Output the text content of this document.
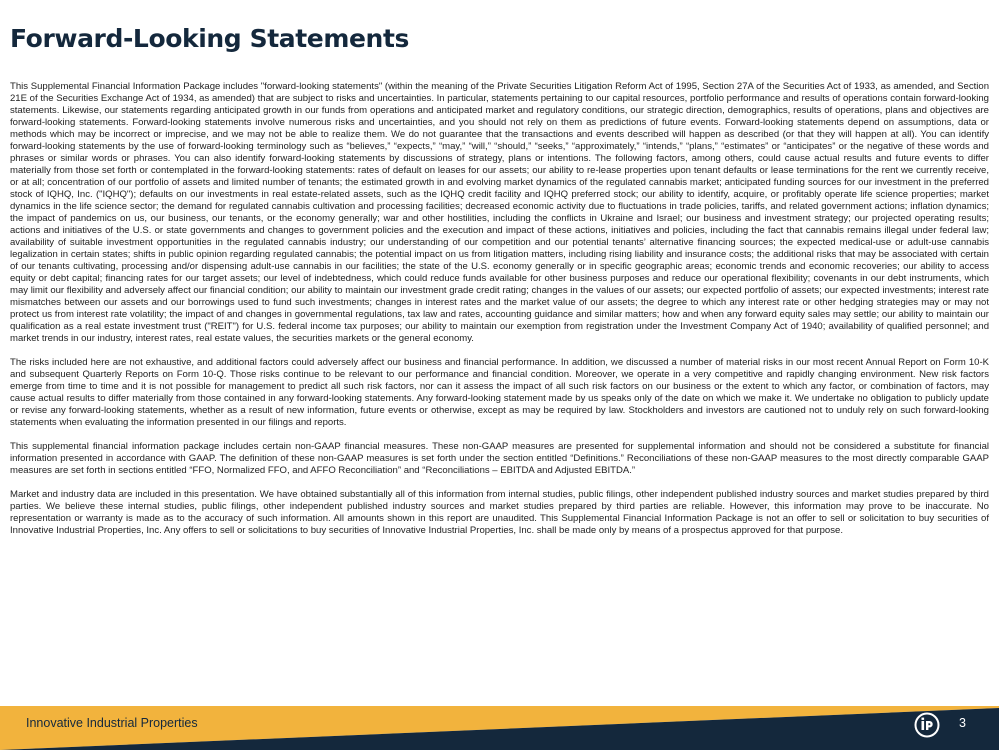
Forward-Looking Statements

This Supplemental Financial Information Package includes "forward-looking statements" (within the meaning of the Private Securities Litigation Reform Act of 1995, Section 27A of the Securities Act of 1933, as amended, and Section 21E of the Securities Exchange Act of 1934, as amended) that are subject to risks and uncertainties. In particular, statements pertaining to our capital resources, portfolio performance and results of operations contain forward-looking statements. Likewise, our statements regarding anticipated growth in our funds from operations and anticipated market and regulatory conditions, our strategic direction, demographics, results of operations, plans and objectives are forward-looking statements. Forward-looking statements involve numerous risks and uncertainties, and you should not rely on them as predictions of future events. Forward-looking statements depend on assumptions, data or methods which may be incorrect or imprecise, and we may not be able to realize them. We do not guarantee that the transactions and events described will happen as described (or that they will happen at all). You can identify forward-looking statements by the use of forward-looking terminology such as “believes,” “expects,” “may,” “will,” “should,” “seeks,” “approximately,” “intends,” “plans,” “estimates” or “anticipates” or the negative of these words and phrases or similar words or phrases. You can also identify forward-looking statements by discussions of strategy, plans or intentions. The following factors, among others, could cause actual results and future events to differ materially from those set forth or contemplated in the forward-looking statements: rates of default on leases for our assets; our ability to re-lease properties upon tenant defaults or lease terminations for the rent we currently receive, or at all; concentration of our portfolio of assets and limited number of tenants; the estimated growth in and evolving market dynamics of the regulated cannabis market; anticipated funding sources for our investment in the preferred stock of IQHQ, Inc. ("IQHQ"); defaults on our investments in real estate-related assets, such as the IQHQ credit facility and IQHQ preferred stock; our ability to identify, acquire, or profitably operate life science properties; market dynamics in the life science sector; the demand for regulated cannabis cultivation and processing facilities; decreased economic activity due to fluctuations in trade policies, tariffs, and related government actions; inflation dynamics; the impact of pandemics on us, our business, our tenants, or the economy generally; war and other hostilities, including the conflicts in Ukraine and Israel; our business and investment strategy; our projected operating results; actions and initiatives of the U.S. or state governments and changes to government policies and the execution and impact of these actions, initiatives and policies, including the fact that cannabis remains illegal under federal law; availability of suitable investment opportunities in the regulated cannabis industry; our understanding of our competition and our potential tenants’ alternative financing sources; the expected medical-use or adult-use cannabis legalization in certain states; shifts in public opinion regarding regulated cannabis; the potential impact on us from litigation matters, including rising liability and insurance costs; the additional risks that may be associated with certain of our tenants cultivating, processing and/or dispensing adult-use cannabis in our facilities; the state of the U.S. economy generally or in specific geographic areas; economic trends and economic recoveries; our ability to access equity or debt capital; financing rates for our target assets; our level of indebtedness, which could reduce funds available for other business purposes and reduce our operational flexibility; covenants in our debt instruments, which may limit our flexibility and adversely affect our financial condition; our ability to maintain our investment grade credit rating; changes in the values of our assets; our expected portfolio of assets; our expected investments; interest rate mismatches between our assets and our borrowings used to fund such investments; changes in interest rates and the market value of our assets; the degree to which any interest rate or other hedging strategies may or may not protect us from interest rate volatility; the impact of and changes in governmental regulations, tax law and rates, accounting guidance and similar matters; how and when any forward equity sales may settle; our ability to maintain our qualification as a real estate investment trust ("REIT") for U.S. federal income tax purposes; our ability to maintain our exemption from registration under the Investment Company Act of 1940; availability of qualified personnel; and market trends in our industry, interest rates, real estate values, the securities markets or the general economy.

The risks included here are not exhaustive, and additional factors could adversely affect our business and financial performance. In addition, we discussed a number of material risks in our most recent Annual Report on Form 10-K and subsequent Quarterly Reports on Form 10-Q. Those risks continue to be relevant to our performance and financial condition. Moreover, we operate in a very competitive and rapidly changing environment. New risk factors emerge from time to time and it is not possible for management to predict all such risk factors, nor can it assess the impact of all such risk factors on our business or the extent to which any factor, or combination of factors, may cause actual results to differ materially from those contained in any forward-looking statements. Any forward-looking statement made by us speaks only of the date on which we make it. We undertake no obligation to publicly update or revise any forward-looking statements, whether as a result of new information, future events or otherwise, except as may be required by law. Stockholders and investors are cautioned not to unduly rely on such forward-looking statements when evaluating the information presented in our filings and reports.

This supplemental financial information package includes certain non-GAAP financial measures. These non-GAAP measures are presented for supplemental information and should not be considered a substitute for financial information presented in accordance with GAAP. The definition of these non-GAAP measures is set forth under the section entitled “Definitions.” Reconciliations of these non-GAAP measures to the most directly comparable GAAP measures are set forth in sections entitled “FFO, Normalized FFO, and AFFO Reconciliation” and “Reconciliations – EBITDA and Adjusted EBITDA.”

Market and industry data are included in this presentation. We have obtained substantially all of this information from internal studies, public filings, other independent published industry sources and market studies prepared by third parties. We believe these internal studies, public filings, other independent published industry sources and market studies prepared by third parties are reliable. However, this information may prove to be inaccurate. No representation or warranty is made as to the accuracy of such information. All amounts shown in this report are unaudited. This Supplemental Financial Information Package is not an offer to sell or solicitation to buy securities of Innovative Industrial Properties, Inc. Any offers to sell or solicitations to buy securities of Innovative Industrial Properties, Inc. shall be made only by means of a prospectus approved for that purpose.

Innovative Industrial Properties	3
